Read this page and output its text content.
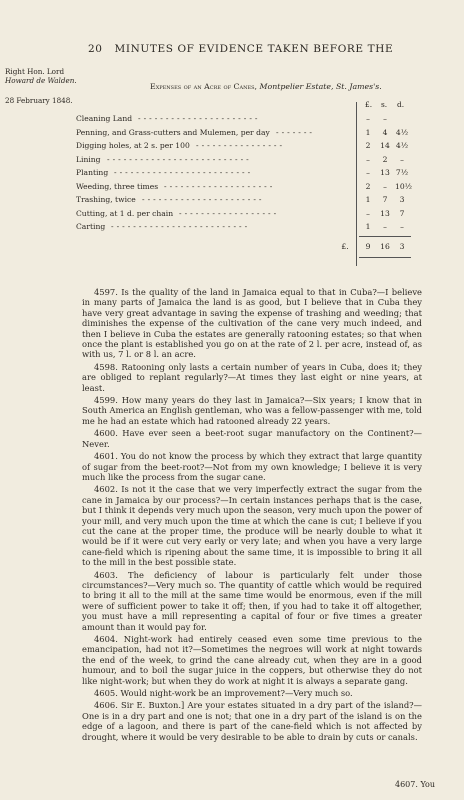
20 MINUTES OF EVIDENCE TAKEN BEFORE THE
Right Hon. Lord
Howard de Walden.
28 February 1848.
Expenses of an Acre of Canes, Montpelier Estate, St. James's.
£. s. d.
Cleaning Land ----------------------	–	–
Penning, and Grass-cutters and Mulemen, per day -------	1	4	4½
Digging holes, at 2 s. per 100 ----------------	2	14 4½
Lining --------------------------	–	2	–
Planting -------------------------	–	13 7½
Weeding, three times --------------------	2	–	10½
Trashing, twice ----------------------	1	7	3
Cutting, at 1 d. per chain ------------------	–	13	7
Carting -------------------------	1	–	–
£.	9	16	3

4597. Is the quality of the land in Jamaica equal to that in Cuba?—I believe in many parts of Jamaica the land is as good, but I believe that in Cuba they have very great advantage in saving the expense of trashing and weeding; that diminishes the expense of the cultivation of the cane very much indeed, and then I believe in Cuba the estates are generally ratooning estates; so that when once the plant is established you go on at the rate of 2 l. per acre, instead of, as with us, 7 l. or 8 l. an acre.

4598. Ratooning only lasts a certain number of years in Cuba, does it; they are obliged to replant regularly?—At times they last eight or nine years, at least.

4599. How many years do they last in Jamaica?—Six years; I know that in South America an English gentleman, who was a fellow-passenger with me, told me he had an estate which had ratooned already 22 years.

4600. Have ever seen a beet-root sugar manufactory on the Continent?—Never.

4601. You do not know the process by which they extract that large quantity of sugar from the beet-root?—Not from my own knowledge; I believe it is very much like the process from the sugar cane.

4602. Is not it the case that we very imperfectly extract the sugar from the cane in Jamaica by our process?—In certain instances perhaps that is the case, but I think it depends very much upon the season, very much upon the power of your mill, and very much upon the time at which the cane is cut; I believe if you cut the cane at the proper time, the produce will be nearly double to what it would be if it were cut very early or very late; and when you have a very large cane-field which is ripening about the same time, it is impossible to bring it all to the mill in the best possible state.

4603. The deficiency of labour is particularly felt under those circumstances?—Very much so. The quantity of cattle which would be required to bring it all to the mill at the same time would be enormous, even if the mill were of sufficient power to take it off; then, if you had to take it off altogether, you must have a mill representing a capital of four or five times a greater amount than it would pay for.

4604. Night-work had entirely ceased even some time previous to the emancipation, had not it?—Sometimes the negroes will work at night towards the end of the week, to grind the cane already cut, when they are in a good humour, and to boil the sugar juice in the coppers, but otherwise they do not like night-work; but when they do work at night it is always a separate gang.

4605. Would night-work be an improvement?—Very much so.

4606. Sir E. Buxton.] Are your estates situated in a dry part of the island?—One is in a dry part and one is not; that one in a dry part of the island is on the edge of a lagoon, and there is part of the cane-field which is not affected by drought, where it would be very desirable to be able to drain by cuts or canals.

4607. You
